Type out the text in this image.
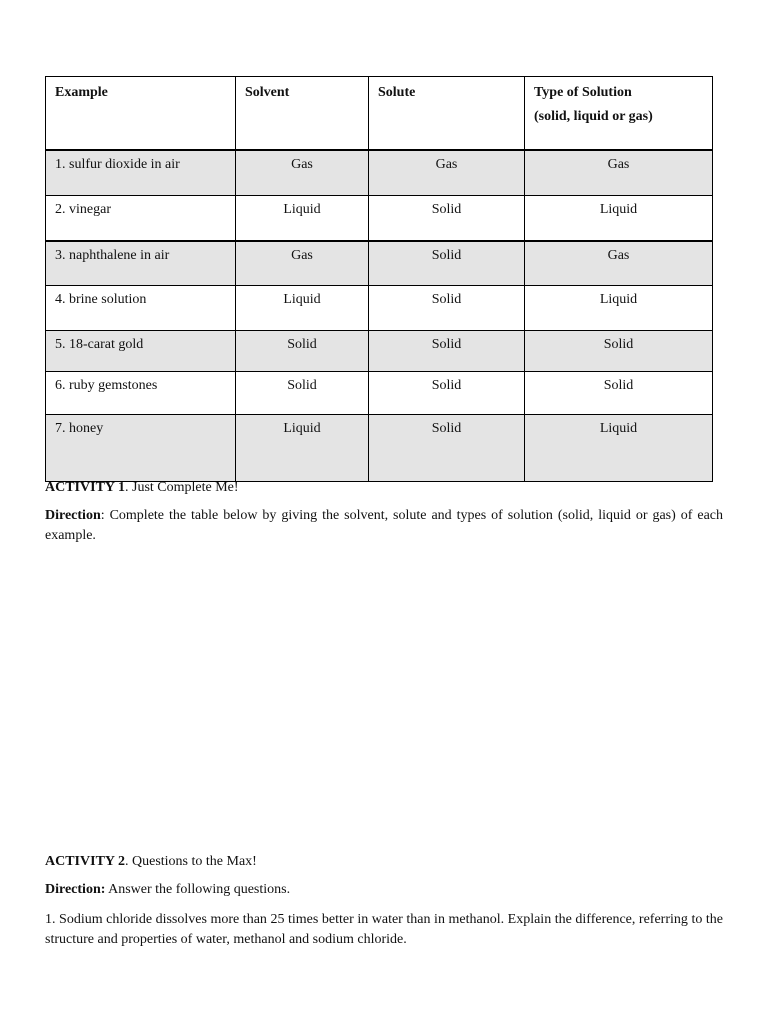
Example	Solvent	Solute	Type of Solution
(solid, liquid or gas)

1. sulfur dioxide in air	Gas	Gas	Gas
2. vinegar	Liquid	Solid	Liquid
3. naphthalene in air	Gas	Solid	Gas
4. brine solution	Liquid	Solid	Liquid
5. 18-carat gold	Solid	Solid	Solid
6. ruby gemstones	Solid	Solid	Solid
7. honey	Liquid	Solid	Liquid
ACTIVITY 1. Just Complete Me!
Direction: Complete the table below by giving the solvent, solute and types of solution (solid, liquid or gas) of each example.
ACTIVITY 2. Questions to the Max!
Direction: Answer the following questions.
1. Sodium chloride dissolves more than 25 times better in water than in methanol. Explain the difference, referring to the structure and properties of water, methanol and sodium chloride.
